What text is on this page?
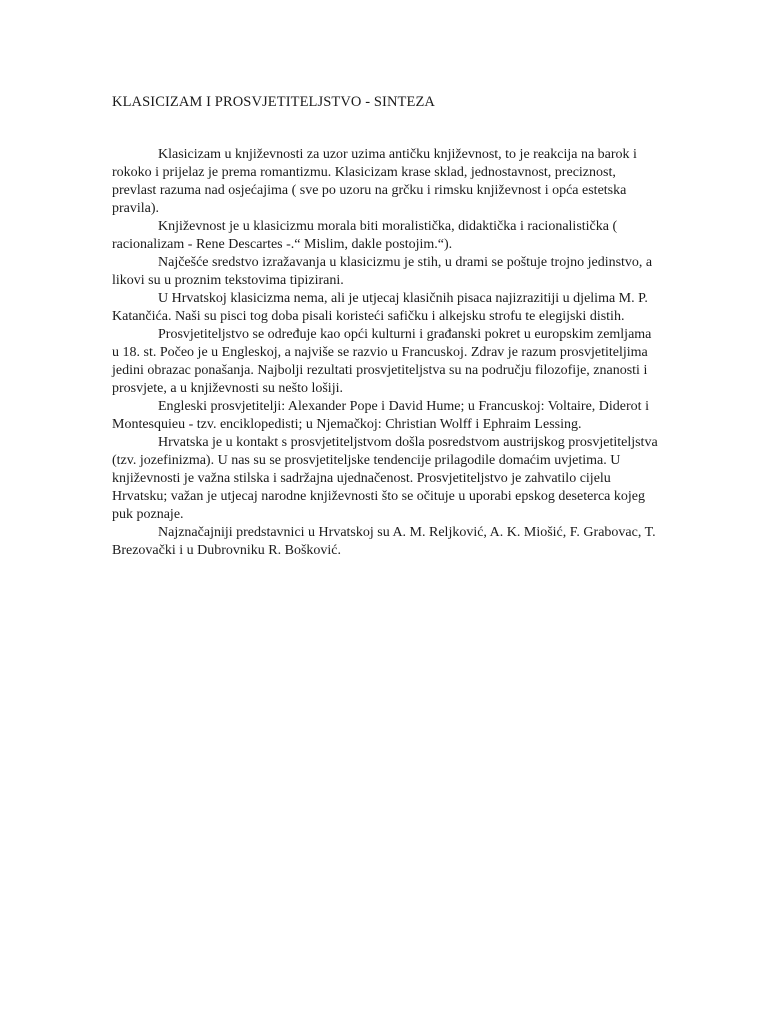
KLASICIZAM I PROSVJETITELJSTVO - SINTEZA

Klasicizam u književnosti za uzor uzima antičku književnost, to je reakcija na barok i rokoko i prijelaz je prema romantizmu. Klasicizam krase sklad, jednostavnost, preciznost, prevlast razuma nad osjećajima ( sve po uzoru na grčku i rimsku književnost i opća estetska pravila).

Književnost je u klasicizmu morala biti moralistička, didaktička i racionalistička ( racionalizam - Rene Descartes -.“ Mislim, dakle postojim.“).

Najčešće sredstvo izražavanja u klasicizmu je stih, u drami se poštuje trojno jedinstvo, a likovi su u proznim tekstovima tipizirani.

U Hrvatskoj klasicizma nema, ali je utjecaj klasičnih pisaca najizrazitiji u djelima M. P. Katančića. Naši su pisci tog doba pisali koristeći safičku i alkejsku strofu te elegijski distih.

Prosvjetiteljstvo se određuje kao opći kulturni i građanski pokret u europskim zemljama u 18. st. Počeo je u Engleskoj, a najviše se razvio u Francuskoj. Zdrav je razum prosvjetiteljima jedini obrazac ponašanja. Najbolji rezultati prosvjetiteljstva su na području filozofije, znanosti i prosvjete, a u književnosti su nešto lošiji.

Engleski prosvjetitelji: Alexander Pope i David Hume; u Francuskoj: Voltaire, Diderot i Montesquieu - tzv. enciklopedisti; u Njemačkoj: Christian Wolff i Ephraim Lessing.

Hrvatska je u kontakt s prosvjetiteljstvom došla posredstvom austrijskog prosvjetiteljstva (tzv. jozefinizma). U nas su se prosvjetiteljske tendencije prilagodile domaćim uvjetima. U književnosti je važna stilska i sadržajna ujednačenost. Prosvjetiteljstvo je zahvatilo cijelu Hrvatsku; važan je utjecaj narodne književnosti što se očituje u uporabi epskog deseterca kojeg puk poznaje.

Najznačajniji predstavnici u Hrvatskoj su A. M. Reljković, A. K. Miošić, F. Grabovac, T. Brezovački i u Dubrovniku R. Bošković.
